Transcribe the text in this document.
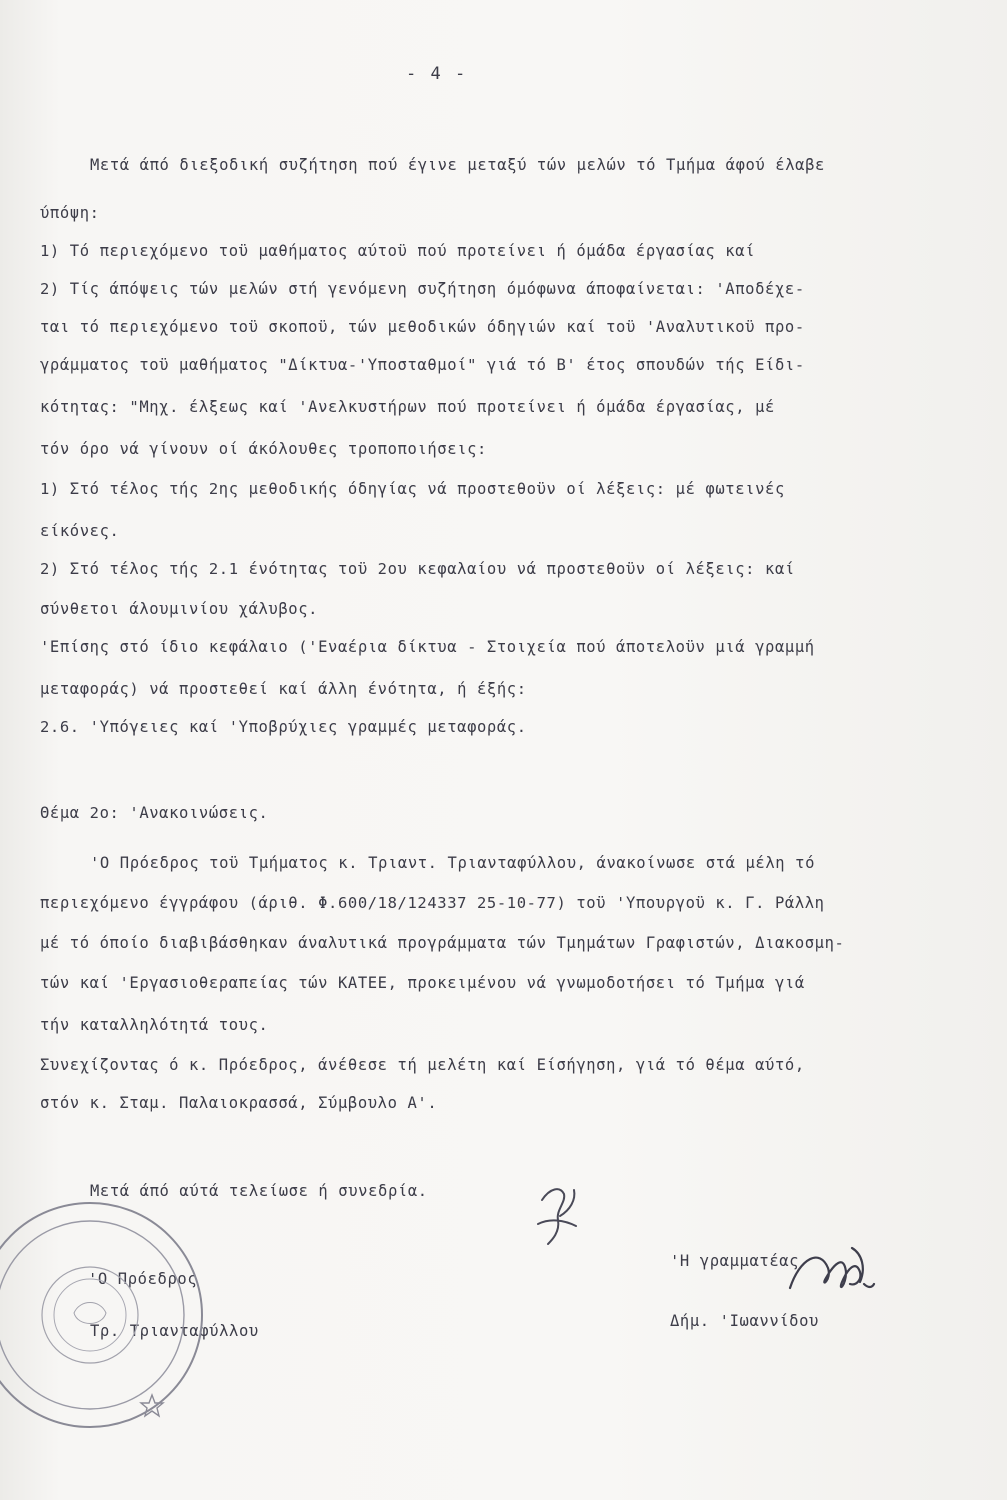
- 4 -
Μετά άπό διεξοδική συζήτηση πού έγινε μεταξύ τών μελών τό Τμήμα άφού έλαβε
ύπόψη:
1) Τό περιεχόμενο τοϋ μαθήματος αύτοϋ πού προτείνει ή όμάδα έργασίας καί
2) Τίς άπόψεις τών μελών στή γενόμενη συζήτηση όμόφωνα άποφαίνεται: 'Αποδέχε-
ται τό περιεχόμενο τοϋ σκοποϋ, τών μεθοδικών όδηγιών καί τοϋ 'Αναλυτικοϋ προ-
γράμματος τοϋ μαθήματος "Δίκτυα-'Υποσταθμοί" γιά τό Β' έτος σπουδών τής Είδι-
κότητας: "Μηχ. έλξεως καί 'Ανελκυστήρων πού προτείνει ή όμάδα έργασίας, μέ
τόν όρο νά γίνουν οί άκόλουθες τροποποιήσεις:
1) Στό τέλος τής 2ης μεθοδικής όδηγίας νά προστεθοϋν οί λέξεις: μέ φωτεινές
είκόνες.
2) Στό τέλος τής 2.1 ένότητας τοϋ 2ου κεφαλαίου νά προστεθοϋν οί λέξεις: καί
σύνθετοι άλουμινίου χάλυβος.
'Επίσης στό ίδιο κεφάλαιο ('Εναέρια δίκτυα - Στοιχεία πού άποτελοϋν μιά γραμμή
μεταφοράς) νά προστεθεί καί άλλη ένότητα, ή έξής:
2.6. 'Υπόγειες καί 'Υποβρύχιες γραμμές μεταφοράς.
Θέμα 2ο: 'Ανακοινώσεις.
'Ο Πρόεδρος τοϋ Τμήματος κ. Τριαντ. Τριανταφύλλου, άνακοίνωσε στά μέλη τό
περιεχόμενο έγγράφου (άριθ. Φ.600/18/124337 25-10-77) τοϋ 'Υπουργοϋ κ. Γ. Ράλλη
μέ τό όποίο διαβιβάσθηκαν άναλυτικά προγράμματα τών Τμημάτων Γραφιστών, Διακοσμη-
τών καί 'Εργασιοθεραπείας τών ΚΑΤΕΕ, προκειμένου νά γνωμοδοτήσει τό Τμήμα γιά
τήν καταλληλότητά τους.
Συνεχίζοντας ό κ. Πρόεδρος, άνέθεσε τή μελέτη καί Είσήγηση, γιά τό θέμα αύτό,
στόν κ. Σταμ. Παλαιοκρασσά, Σύμβουλο Α'.
Μετά άπό αύτά τελείωσε ή συνεδρία.
'Η γραμματέας
'Ο Πρόεδρος
Τρ. Τριανταφύλλου
Δήμ. 'Ιωαννίδου
